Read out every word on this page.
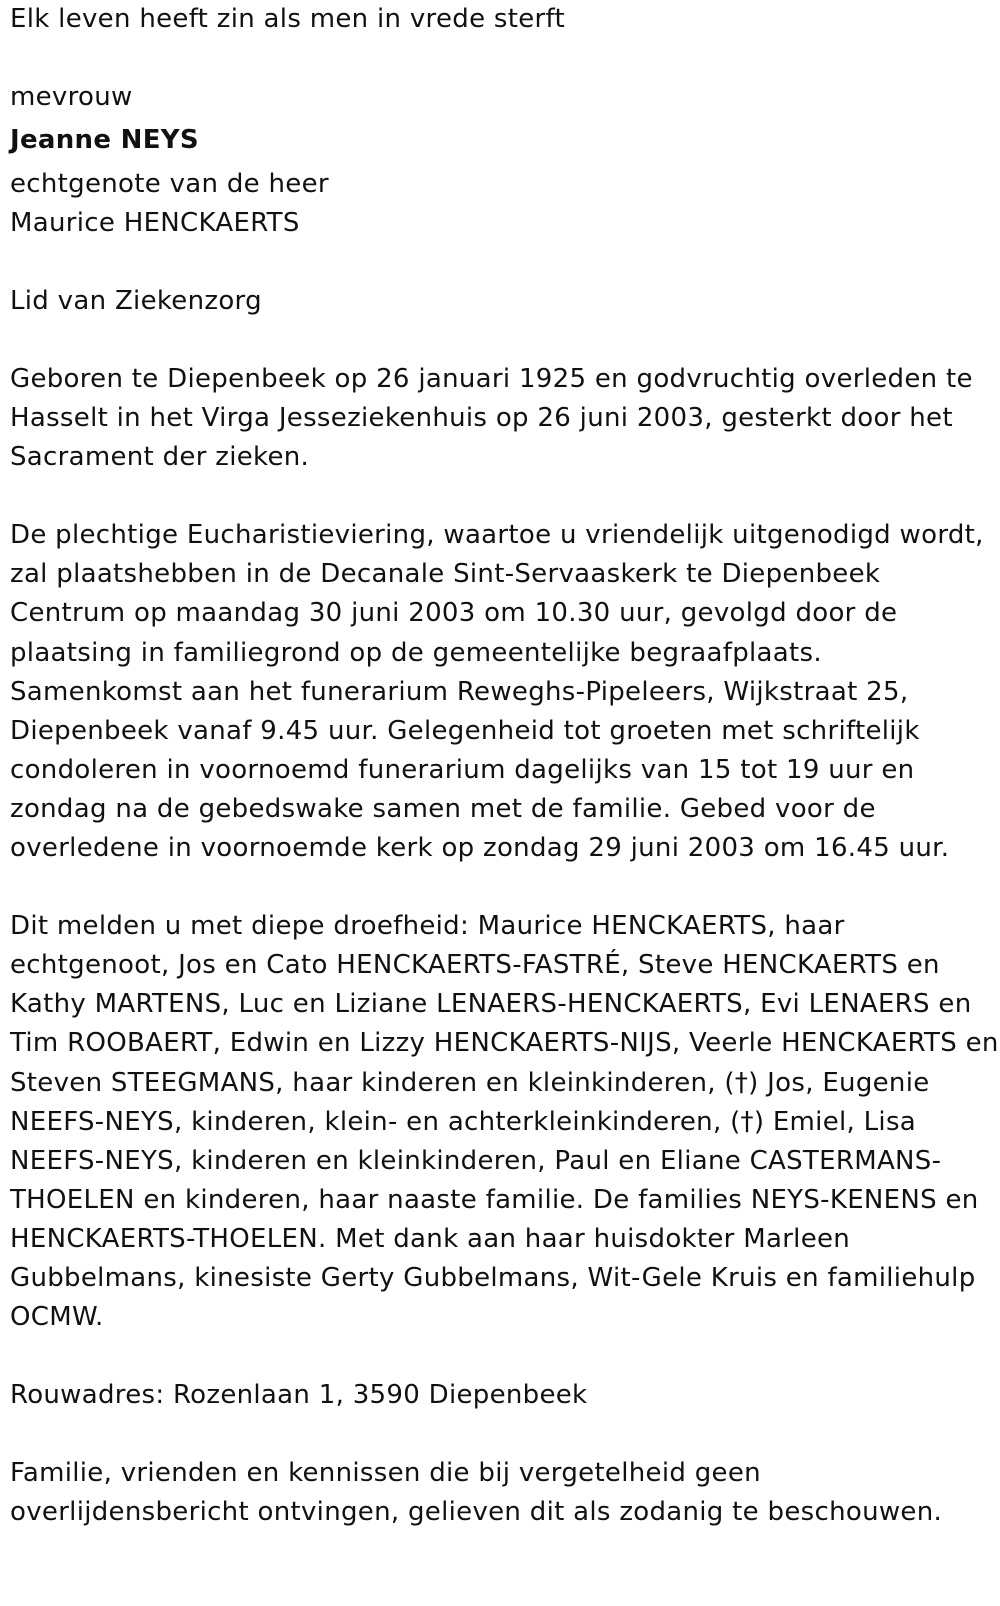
Elk leven heeft zin als men in vrede sterft

mevrouw

Jeanne NEYS

echtgenote van de heer

Maurice HENCKAERTS

Lid van Ziekenzorg

Geboren te Diepenbeek op 26 januari 1925 en godvruchtig overleden te

Hasselt in het Virga Jesseziekenhuis op 26 juni 2003, gesterkt door het

Sacrament der zieken.

De plechtige Eucharistieviering, waartoe u vriendelijk uitgenodigd wordt,

zal plaatshebben in de Decanale Sint-Servaaskerk te Diepenbeek

Centrum op maandag 30 juni 2003 om 10.30 uur, gevolgd door de

plaatsing in familiegrond op de gemeentelijke begraafplaats.

Samenkomst aan het funerarium Reweghs-Pipeleers, Wijkstraat 25,

Diepenbeek vanaf 9.45 uur. Gelegenheid tot groeten met schriftelijk

condoleren in voornoemd funerarium dagelijks van 15 tot 19 uur en

zondag na de gebedswake samen met de familie. Gebed voor de

overledene in voornoemde kerk op zondag 29 juni 2003 om 16.45 uur.

Dit melden u met diepe droefheid: Maurice HENCKAERTS, haar

echtgenoot, Jos en Cato HENCKAERTS-FASTRÉ, Steve HENCKAERTS en

Kathy MARTENS, Luc en Liziane LENAERS-HENCKAERTS, Evi LENAERS en

Tim ROOBAERT, Edwin en Lizzy HENCKAERTS-NIJS, Veerle HENCKAERTS en

Steven STEEGMANS, haar kinderen en kleinkinderen, (†) Jos, Eugenie

NEEFS-NEYS, kinderen, klein- en achterkleinkinderen, (†) Emiel, Lisa

NEEFS-NEYS, kinderen en kleinkinderen, Paul en Eliane CASTERMANS-

THOELEN en kinderen, haar naaste familie. De families NEYS-KENENS en

HENCKAERTS-THOELEN. Met dank aan haar huisdokter Marleen

Gubbelmans, kinesiste Gerty Gubbelmans, Wit-Gele Kruis en familiehulp

OCMW.

Rouwadres: Rozenlaan 1, 3590 Diepenbeek

Familie, vrienden en kennissen die bij vergetelheid geen

overlijdensbericht ontvingen, gelieven dit als zodanig te beschouwen.
